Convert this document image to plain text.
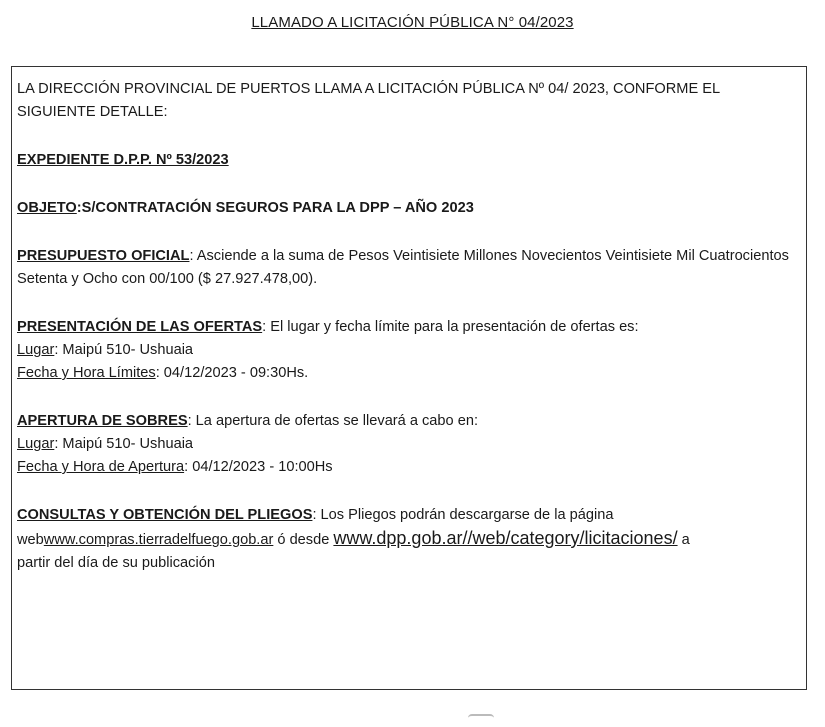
LLAMADO A LICITACIÓN PÚBLICA N° 04/2023

LA DIRECCIÓN PROVINCIAL DE PUERTOS LLAMA A LICITACIÓN PÚBLICA Nº 04/ 2023, CONFORME EL SIGUIENTE DETALLE:

EXPEDIENTE D.P.P. Nº 53/2023

OBJETO:S/CONTRATACIÓN SEGUROS PARA LA DPP – AÑO 2023

PRESUPUESTO OFICIAL: Asciende a la suma de Pesos Veintisiete Millones Novecientos Veintisiete Mil Cuatrocientos Setenta y Ocho con 00/100 ($ 27.927.478,00).

PRESENTACIÓN DE LAS OFERTAS: El lugar y fecha límite para la presentación de ofertas es:

Lugar: Maipú 510- Ushuaia

Fecha y Hora Límites: 04/12/2023 - 09:30Hs.

APERTURA DE SOBRES: La apertura de ofertas se llevará a cabo en:

Lugar: Maipú 510- Ushuaia

Fecha y Hora de Apertura: 04/12/2023 - 10:00Hs

CONSULTAS Y OBTENCIÓN DEL PLIEGOS: Los Pliegos podrán descargarse de la página

webwww.compras.tierradelfuego.gob.ar ó desde www.dpp.gob.ar//web/category/licitaciones/ a

partir del día de su publicación
